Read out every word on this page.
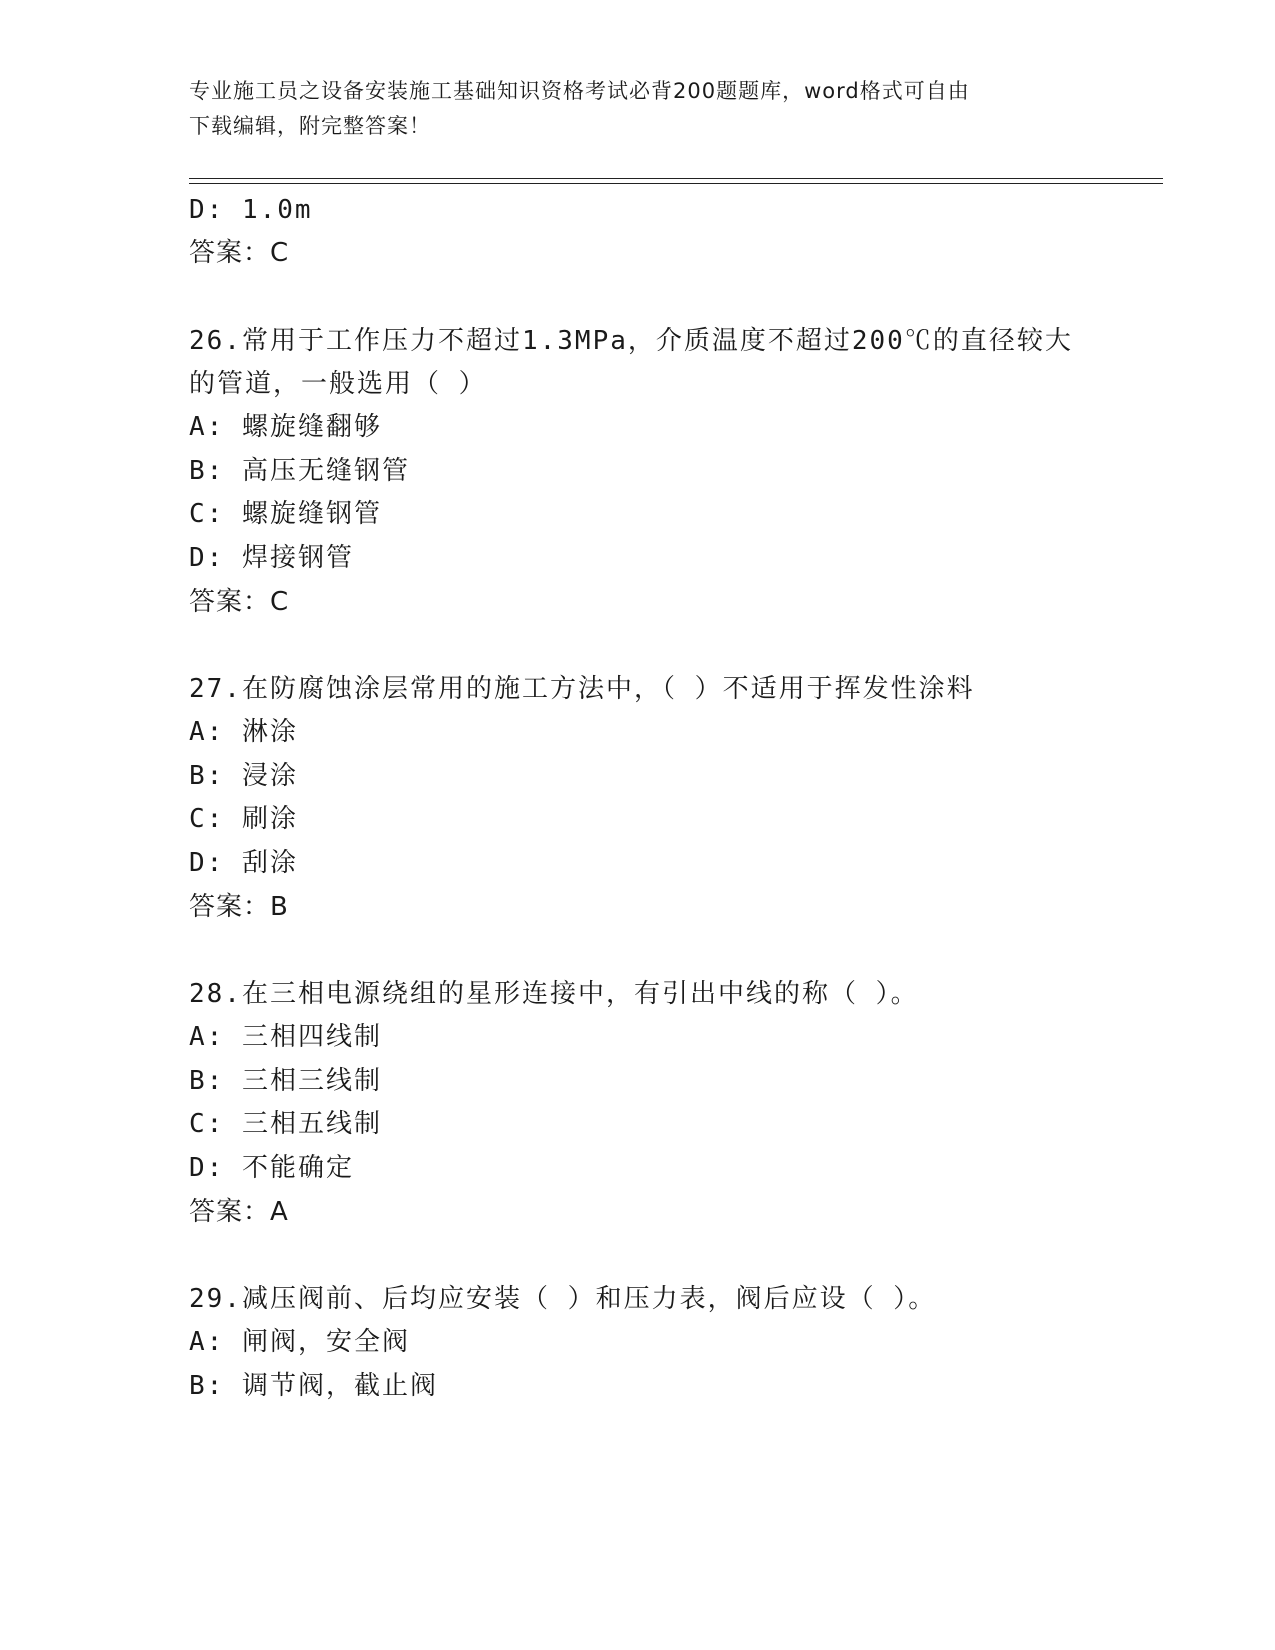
专业施工员之设备安装施工基础知识资格考试必背200题题库，word格式可自由
下载编辑，附完整答案！
D: 1.0m
答案：C
26.常用于工作压力不超过1.3MPa，介质温度不超过200℃的直径较大
的管道，一般选用（ ）
A: 螺旋缝翻够
B: 高压无缝钢管
C: 螺旋缝钢管
D: 焊接钢管
答案：C
27.在防腐蚀涂层常用的施工方法中，（ ）不适用于挥发性涂料
A: 淋涂
B: 浸涂
C: 刷涂
D: 刮涂
答案：B
28.在三相电源绕组的星形连接中，有引出中线的称（ ）。
A: 三相四线制
B: 三相三线制
C: 三相五线制
D: 不能确定
答案：A
29.减压阀前、后均应安装（ ）和压力表，阀后应设（ ）。
A: 闸阀，安全阀
B: 调节阀，截止阀
